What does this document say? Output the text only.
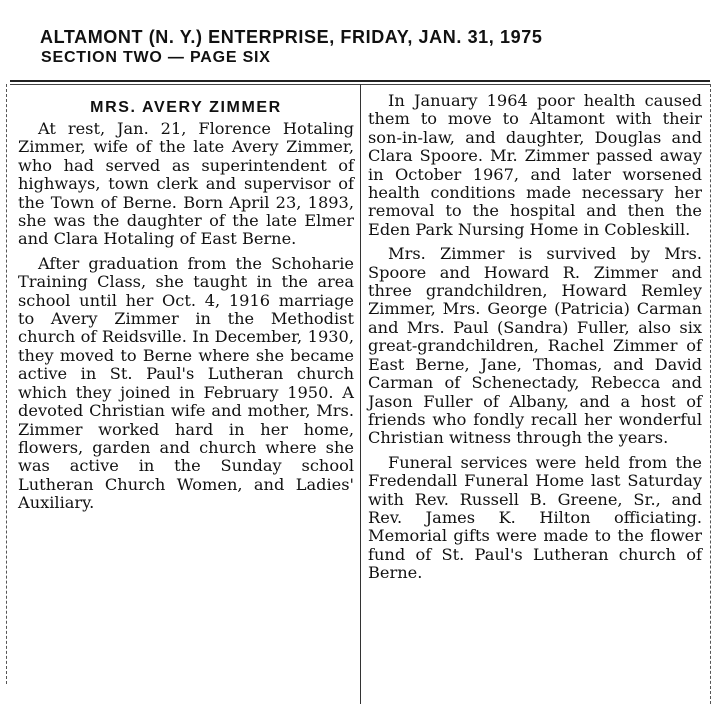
ALTAMONT (N. Y.) ENTERPRISE, FRIDAY, JAN. 31, 1975
SECTION TWO — PAGE SIX
MRS. AVERY ZIMMER

At rest, Jan. 21, Florence Hotaling Zimmer, wife of the late Avery Zimmer, who had served as superintendent of highways, town clerk and supervisor of the Town of Berne. Born April 23, 1893, she was the daughter of the late Elmer and Clara Hotaling of East Berne.

After graduation from the Schoharie Training Class, she taught in the area school until her Oct. 4, 1916 marriage to Avery Zimmer in the Methodist church of Reidsville. In December, 1930, they moved to Berne where she became active in St. Paul's Lutheran church which they joined in February 1950. A devoted Christian wife and mother, Mrs. Zimmer worked hard in her home, flowers, garden and church where she was active in the Sunday school Lutheran Church Women, and Ladies' Auxiliary.

In January 1964 poor health caused them to move to Altamont with their son-in-law, and daughter, Douglas and Clara Spoore. Mr. Zimmer passed away in October 1967, and later worsened health conditions made necessary her removal to the hospital and then the Eden Park Nursing Home in Cobleskill.

Mrs. Zimmer is survived by Mrs. Spoore and Howard R. Zimmer and three grandchildren, Howard Remley Zimmer, Mrs. George (Patricia) Carman and Mrs. Paul (Sandra) Fuller, also six great-grandchildren, Rachel Zimmer of East Berne, Jane, Thomas, and David Carman of Schenectady, Rebecca and Jason Fuller of Albany, and a host of friends who fondly recall her wonderful Christian witness through the years.

Funeral services were held from the Fredendall Funeral Home last Saturday with Rev. Russell B. Greene, Sr., and Rev. James K. Hilton officiating. Memorial gifts were made to the flower fund of St. Paul's Lutheran church of Berne.
